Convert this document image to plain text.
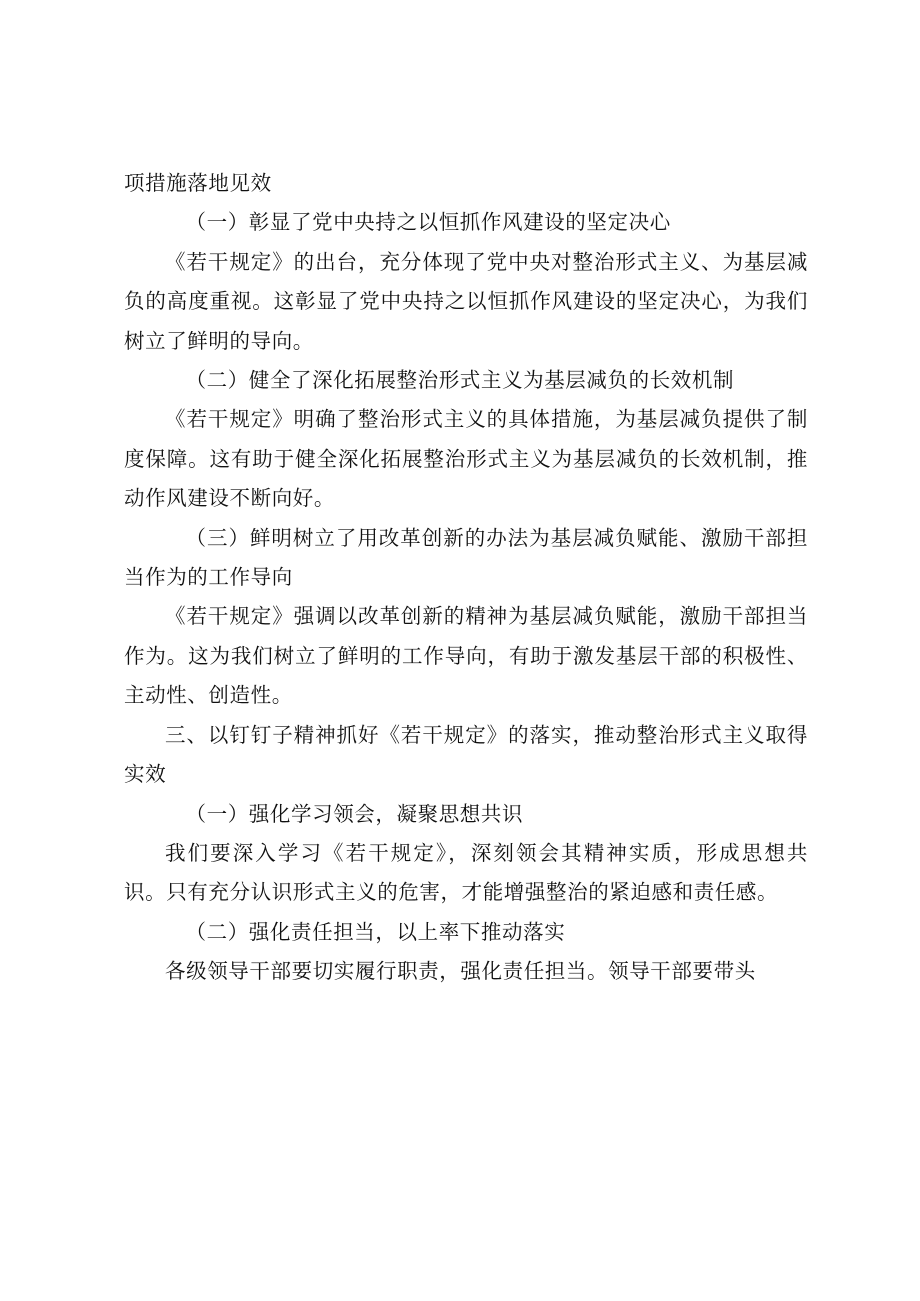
项措施落地见效

（一）彰显了党中央持之以恒抓作风建设的坚定决心

《若干规定》的出台，充分体现了党中央对整治形式主义、为基层减负的高度重视。这彰显了党中央持之以恒抓作风建设的坚定决心，为我们树立了鲜明的导向。

（二）健全了深化拓展整治形式主义为基层减负的长效机制

《若干规定》明确了整治形式主义的具体措施，为基层减负提供了制度保障。这有助于健全深化拓展整治形式主义为基层减负的长效机制，推动作风建设不断向好。

（三）鲜明树立了用改革创新的办法为基层减负赋能、激励干部担当作为的工作导向

《若干规定》强调以改革创新的精神为基层减负赋能，激励干部担当作为。这为我们树立了鲜明的工作导向，有助于激发基层干部的积极性、主动性、创造性。

三、以钉钉子精神抓好《若干规定》的落实，推动整治形式主义取得实效

（一）强化学习领会，凝聚思想共识

我们要深入学习《若干规定》，深刻领会其精神实质，形成思想共识。只有充分认识形式主义的危害，才能增强整治的紧迫感和责任感。

（二）强化责任担当，以上率下推动落实

各级领导干部要切实履行职责，强化责任担当。领导干部要带头
